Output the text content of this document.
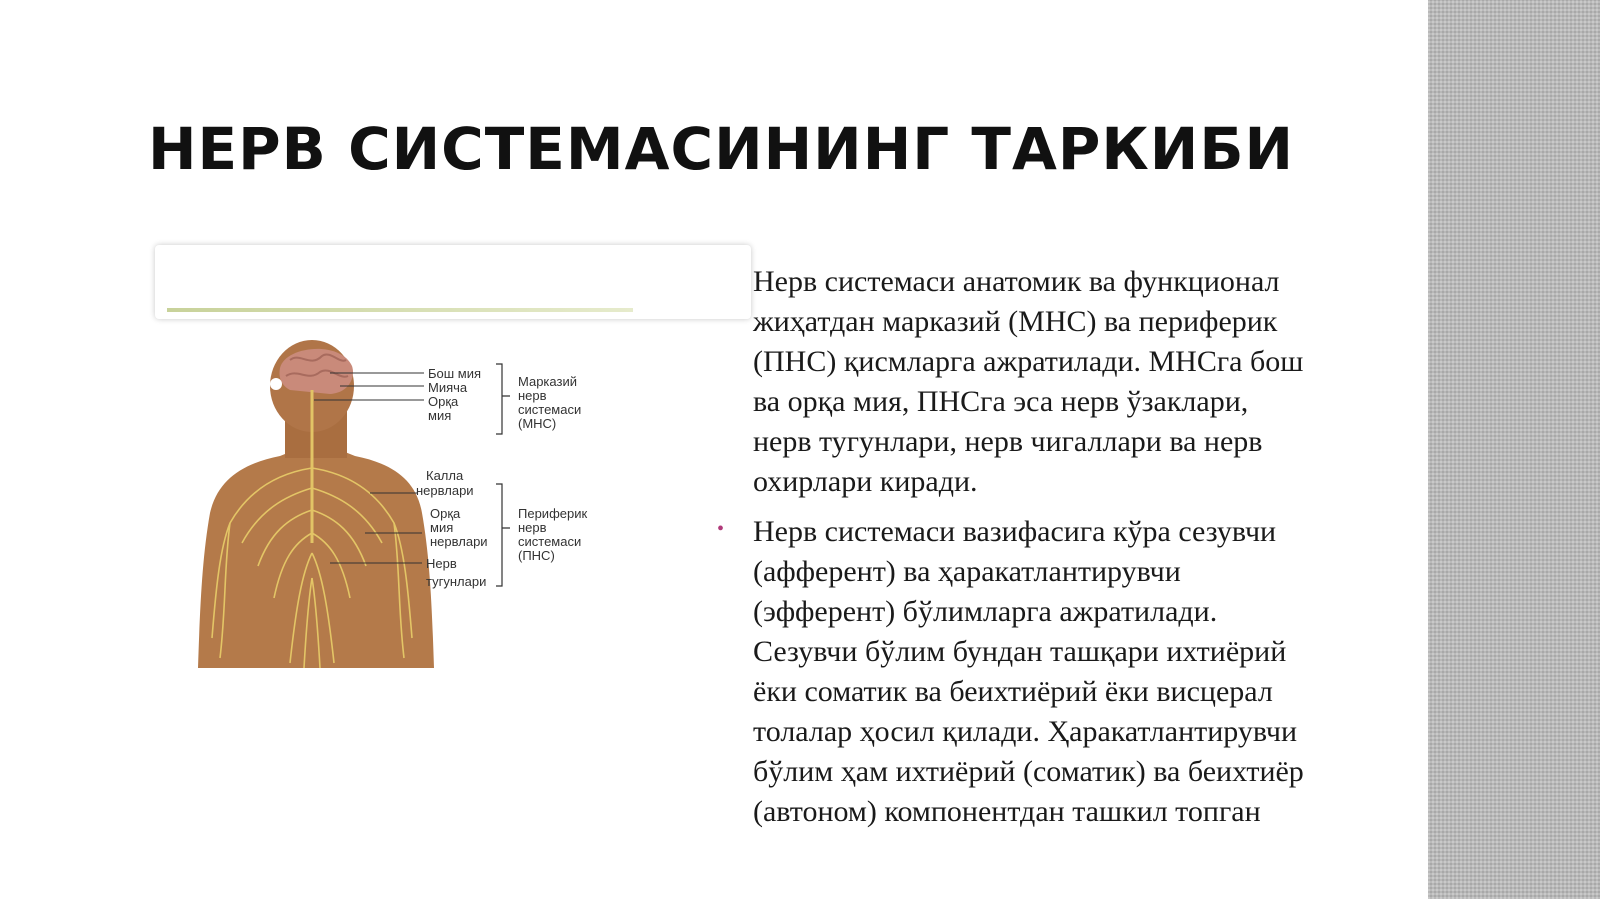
НЕРВ СИСТЕМАСИНИНГ ТАРКИБИ
Бош мия
Мияча
Орқа
мия
Марказий
нерв
системаси
(МНС)
Калла
нервлари
Орқа
мия
нервлари
Нерв
тугунлари
Периферик
нерв
системаси
(ПНС)
Нерв системаси анатомик ва функционал
жиҳатдан марказий (МНС) ва периферик
(ПНС) қисмларга ажратилади. МНСга бош
ва орқа мия, ПНСга эса нерв ўзаклари,
нерв тугунлари, нерв чигаллари ва нерв
охирлари киради.
• Нерв системаси вазифасига кўра сезувчи
(афферент) ва ҳаракатлантирувчи
(эфферент) бўлимларга ажратилади.
Сезувчи бўлим бундан ташқари ихтиёрий
ёки соматик ва беихтиёрий ёки висцерал
толалар ҳосил қилади. Ҳаракатлантирувчи
бўлим ҳам ихтиёрий (соматик) ва беихтиёр
(автоном) компонентдан ташкил топган
